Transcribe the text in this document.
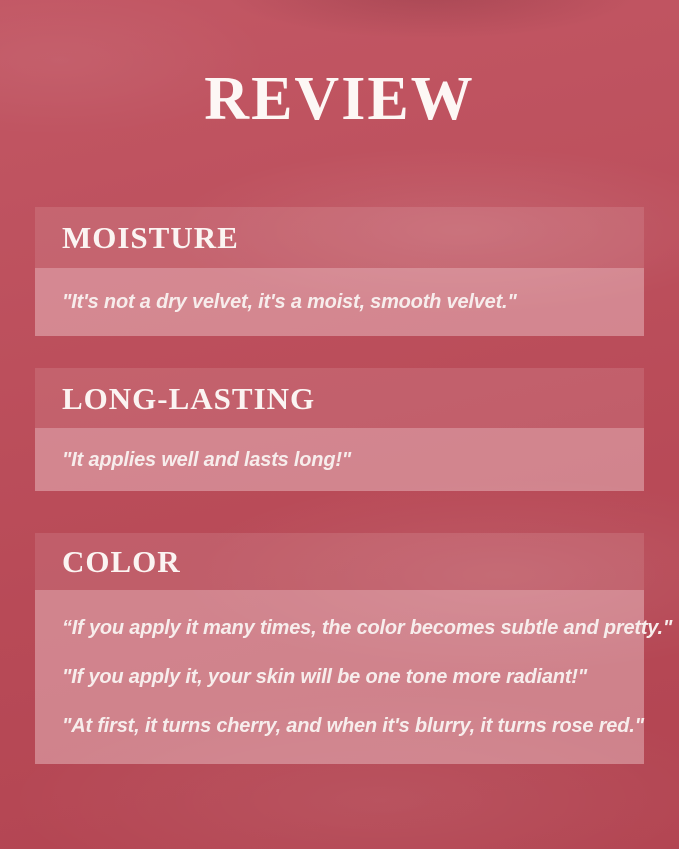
REVIEW
MOISTURE
"It's not a dry velvet, it's a moist, smooth velvet."
LONG-LASTING
"It applies well and lasts long!"
COLOR
“If you apply it many times, the color becomes subtle and pretty."
"If you apply it, your skin will be one tone more radiant!"
"At first, it turns cherry, and when it's blurry, it turns rose red."
